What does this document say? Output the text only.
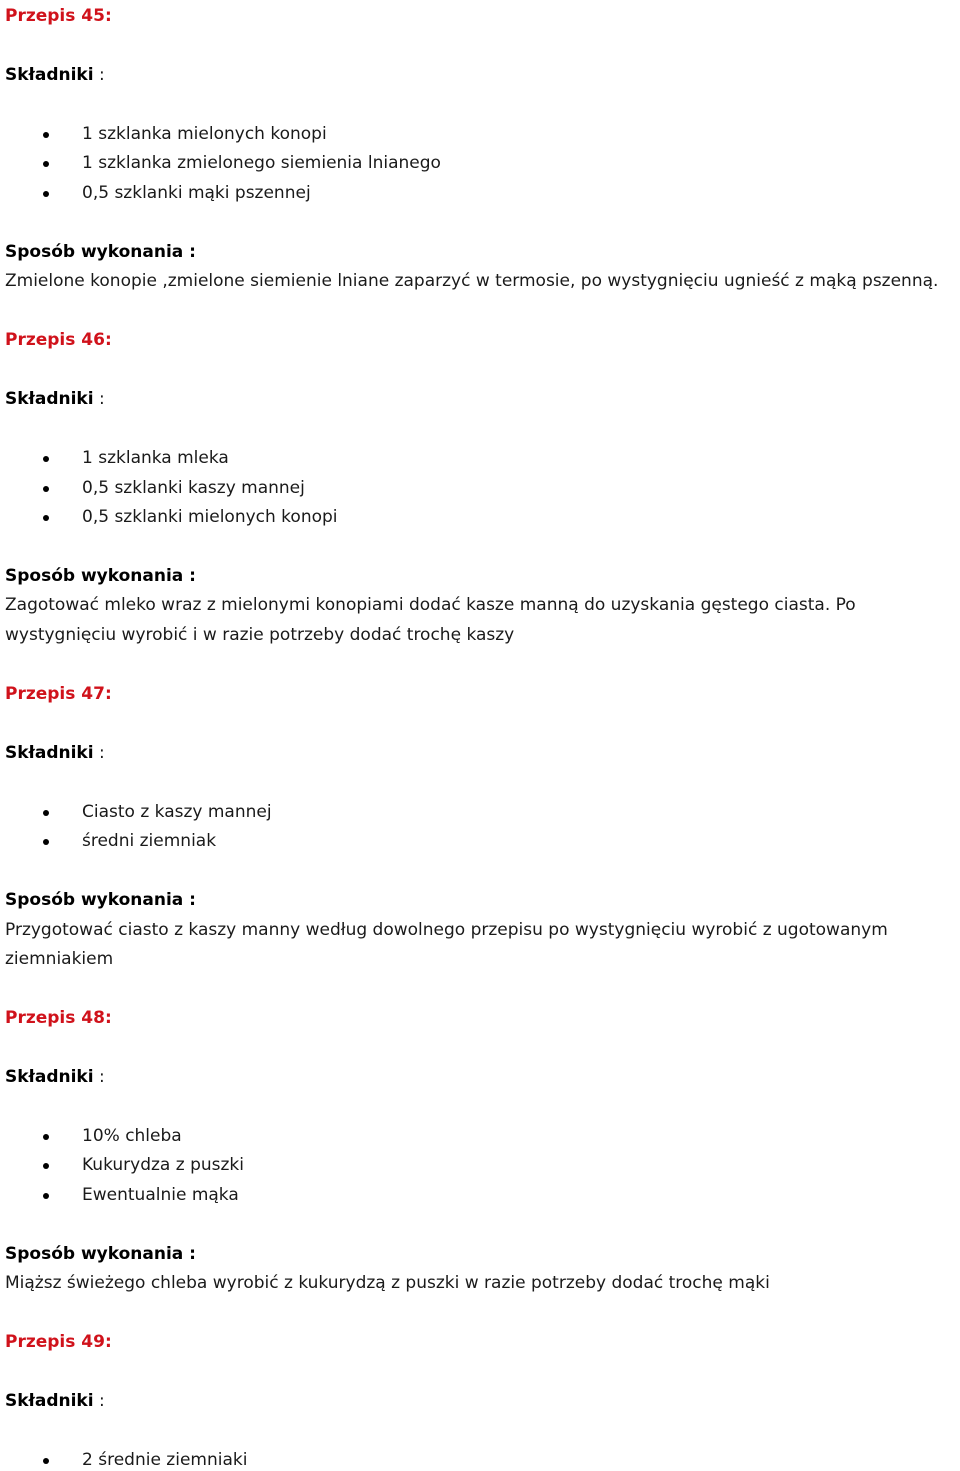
Przepis 45:
Składniki :
1 szklanka mielonych konopi
1 szklanka zmielonego siemienia lnianego
0,5 szklanki mąki pszennej
Sposób wykonania :
Zmielone konopie ,zmielone siemienie lniane zaparzyć w termosie, po wystygnięciu ugnieść z mąką pszenną.
Przepis 46:
Składniki :
1 szklanka mleka
0,5 szklanki kaszy mannej
0,5 szklanki mielonych konopi
Sposób wykonania :
Zagotować mleko wraz z mielonymi konopiami dodać kasze manną do uzyskania gęstego ciasta. Po
wystygnięciu wyrobić i w razie potrzeby dodać trochę kaszy
Przepis 47:
Składniki :
Ciasto z kaszy mannej
średni ziemniak
Sposób wykonania :
Przygotować ciasto z kaszy manny według dowolnego przepisu po wystygnięciu wyrobić z ugotowanym
ziemniakiem
Przepis 48:
Składniki :
10% chleba
Kukurydza z puszki
Ewentualnie mąka
Sposób wykonania :
Miąższ świeżego chleba wyrobić z kukurydzą z puszki w razie potrzeby dodać trochę mąki
Przepis 49:
Składniki :
2 średnie ziemniaki
